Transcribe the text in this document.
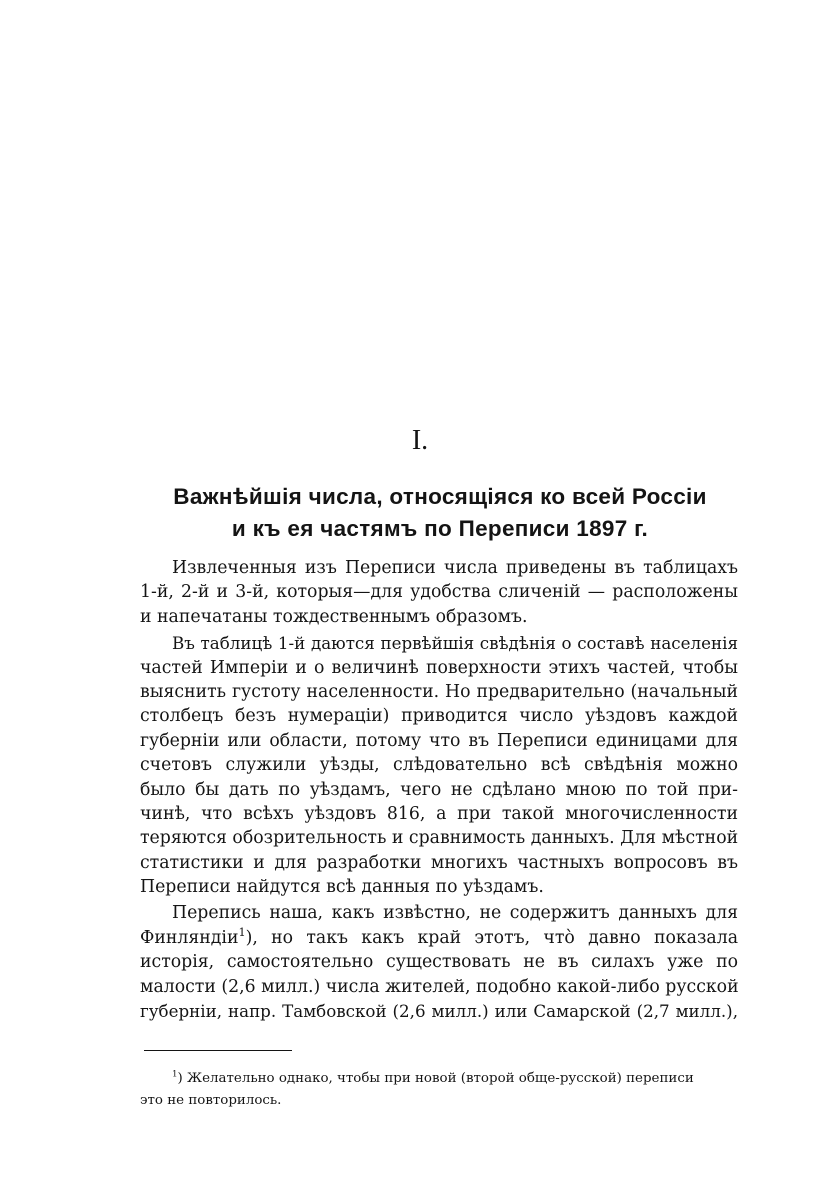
I.
Важнѣйшія числа, относящіяся ко всей Россіи
и къ ея частямъ по Переписи 1897 г.
Извлеченныя изъ Переписи числа приведены въ таблицахъ
1-й, 2-й и 3-й, которыя—для удобства сличеній — расположены
и напечатаны тождественнымъ образомъ.
Въ таблицѣ 1-й даются первѣйшія свѣдѣнія о составѣ населенія
частей Имперіи и о величинѣ поверхности этихъ частей, чтобы
выяснить густоту населенности. Но предварительно (начальный
столбецъ безъ нумераціи) приводится число уѣздовъ каждой
губерніи или области, потому что въ Переписи единицами для
счетовъ служили уѣзды, слѣдовательно всѣ свѣдѣнія можно
было бы дать по уѣздамъ, чего не сдѣлано мною по той при-
чинѣ, что всѣхъ уѣздовъ 816, а при такой многочисленности
теряются обозрительность и сравнимость данныхъ. Для мѣстной
статистики и для разработки многихъ частныхъ вопросовъ въ
Переписи найдутся всѣ данныя по уѣздамъ.
Перепись наша, какъ извѣстно, не содержитъ данныхъ для
Финляндіи$^1$), но такъ какъ край этотъ, что̀ давно показала
исторія, самостоятельно существовать не въ силахъ уже по
малости (2,6 милл.) числа жителей, подобно какой-либо русской
губерніи, напр. Тамбовской (2,6 милл.) или Самарской (2,7 милл.),
$^1$) Желательно однако, чтобы при новой (второй обще-русской) переписи
это не повторилось.
